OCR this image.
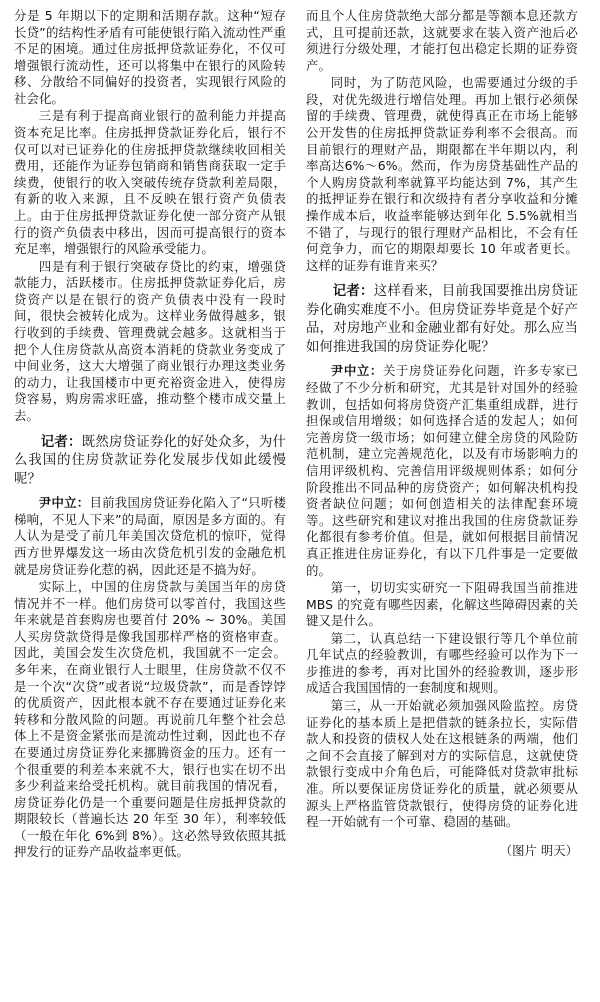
分是 5 年期以下的定期和活期存款。这种“短存长贷”的结构性矛盾有可能使银行陷入流动性严重不足的困境。通过住房抵押贷款证券化，不仅可增强银行流动性，还可以将集中在银行的风险转移、分散给不同偏好的投资者，实现银行风险的社会化。

三是有利于提高商业银行的盈利能力并提高资本充足比率。住房抵押贷款证券化后，银行不仅可以对已证券化的住房抵押贷款继续收回相关费用，还能作为证券包销商和销售商获取一定手续费，使银行的收入突破传统存贷款利差局限，有新的收入来源，且不反映在银行资产负债表上。由于住房抵押贷款证券化使一部分资产从银行的资产负债表中移出，因而可提高银行的资本充足率，增强银行的风险承受能力。

四是有利于银行突破存贷比的约束，增强贷款能力，活跃楼市。住房抵押贷款证券化后，房贷资产以是在银行的资产负债表中没有一段时间，很快会被转化成为。这样业务做得越多，银行收到的手续费、管理费就会越多。这就相当于把个人住房贷款从高资本消耗的贷款业务变成了中间业务，这大大增强了商业银行办理这类业务的动力，让我国楼市中更充裕资金进入，使得房贷容易，购房需求旺盛，推动整个楼市成交量上去。

记者：既然房贷证券化的好处众多，为什么我国的住房贷款证券化发展步伐如此缓慢呢？

尹中立：目前我国房贷证券化陷入了“只听楼梯响，不见人下来”的局面，原因是多方面的。有人认为是受了前几年美国次贷危机的惊吓，觉得西方世界爆发这一场由次贷危机引发的金融危机就是房贷证券化惹的祸，因此还是不搞为好。

实际上，中国的住房贷款与美国当年的房贷情况并不一样。他们房贷可以零首付，我国这些年来就是首套购房也要首付 20% ~ 30%。美国人买房贷款贷得是像我国那样严格的资格审查。因此，美国会发生次贷危机，我国就不一定会。多年来，在商业银行人士眼里，住房贷款不仅不是一个次“次贷”或者说“垃圾贷款”，而是香饽饽的优质资产，因此根本就不存在要通过证券化来转移和分散风险的问题。再说前几年整个社会总体上不是资金紧张而是流动性过剩，因此也不存在要通过房贷证券化来挪腾资金的压力。还有一个很重要的利差本来就不大，银行也实在切不出多少利益来给受托机构。就目前我国的情况看，房贷证券化仍是一个重要问题是住房抵押贷款的期限较长（普遍长达 20 年至 30 年），利率较低（一般在年化 6%到 8%）。这必然导致依照其抵押发行的证券产品收益率更低。

而且个人住房贷款绝大部分都是等额本息还款方式，且可提前还款，这就要求在装入资产池后必须进行分级处理，才能打包出稳定长期的证券资产。

同时，为了防范风险，也需要通过分级的手段，对优先级进行增信处理。再加上银行必须保留的手续费、管理费，就使得真正在市场上能够公开发售的住房抵押贷款证券利率不会很高。而目前银行的理财产品，期限都在半年期以内，利率高达6%～6%。然而，作为房贷基础性产品的个人购房贷款利率就算平均能达到 7%，其产生的抵押证券在银行和次级持有者分享收益和分摊操作成本后，收益率能够达到年化 5.5%就相当不错了，与现行的银行理财产品相比，不会有任何竞争力，而它的期限却要长 10 年或者更长。这样的证券有谁肯来买？

记者：这样看来，目前我国要推出房贷证券化确实难度不小。但房贷证券毕竟是个好产品，对房地产业和金融业都有好处。那么应当如何推进我国的房贷证券化呢？

尹中立：关于房贷证券化问题，许多专家已经做了不少分析和研究，尤其是针对国外的经验教训，包括如何将房贷资产汇集重组成群，进行担保或信用增级；如何选择合适的发起人；如何完善房贷一级市场；如何建立健全房贷的风险防范机制，建立完善规范化，以及有市场影响力的信用评级机构、完善信用评级规则体系；如何分阶段推出不同品种的房贷资产；如何解决机构投资者缺位问题；如何创造相关的法律配套环境等。这些研究和建议对推出我国的住房贷款证券化都很有参考价值。但是，就如何根据目前情况真正推进住房证券化，有以下几件事是一定要做的。

第一，切切实实研究一下阻碍我国当前推进 MBS 的究竟有哪些因素，化解这些障碍因素的关键又是什么。

第二，认真总结一下建设银行等几个单位前几年试点的经验教训，有哪些经验可以作为下一步推进的参考，再对比国外的经验教训，逐步形成适合我国国情的一套制度和规则。

第三，从一开始就必须加强风险监控。房贷证券化的基本质上是把借款的链条拉长，实际借款人和投资的债权人处在这根链条的两端，他们之间不会直接了解到对方的实际信息，这就使贷款银行变成中介角色后，可能降低对贷款审批标准。所以要保证房贷证券化的质量，就必须要从源头上严格监管贷款银行，使得房贷的证券化进程一开始就有一个可靠、稳固的基础。

（图片 明天）
